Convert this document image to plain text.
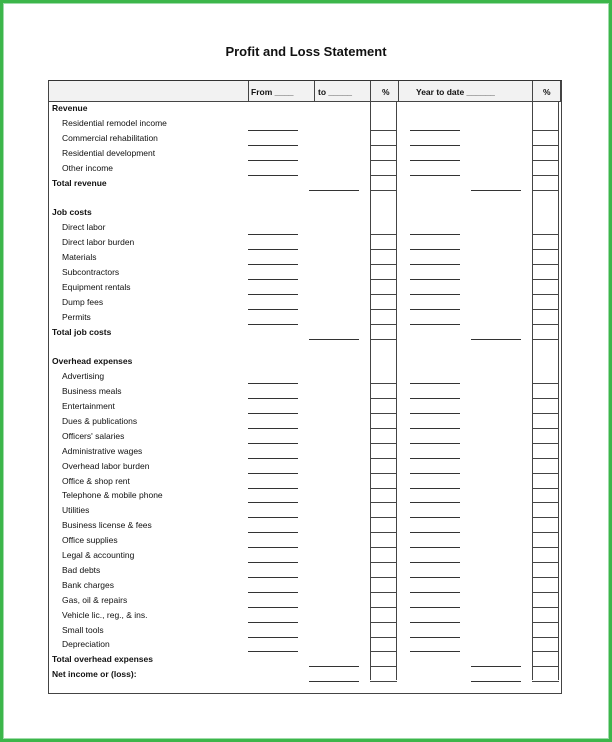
Profit and Loss Statement
From ____	to _____	%	Year to date ______	%
Revenue
Residential remodel income
Commercial rehabilitation
Residential development
Other income
Total revenue
Job costs
Direct labor
Direct labor burden
Materials
Subcontractors
Equipment rentals
Dump fees
Permits
Total job costs
Overhead expenses
Advertising
Business meals
Entertainment
Dues & publications
Officers' salaries
Administrative wages
Overhead labor burden
Office & shop rent
Telephone & mobile phone
Utilities
Business license & fees
Office supplies
Legal & accounting
Bad debts
Bank charges
Gas, oil & repairs
Vehicle lic., reg., & ins.
Small tools
Depreciation
Total overhead expenses
Net income or (loss):
